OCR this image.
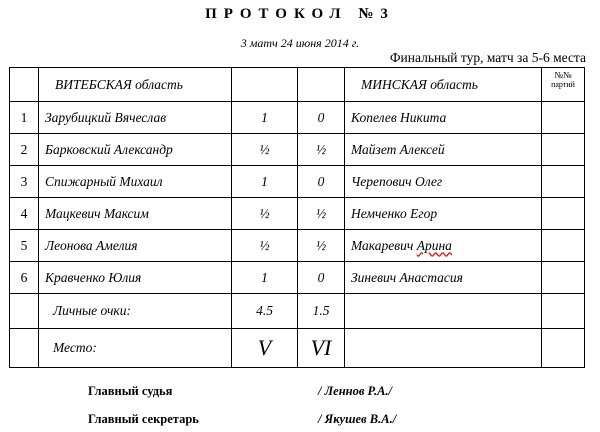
ПРОТОКОЛ №3
3 матч 24 июня 2014 г.
Финальный тур, матч за 5-6 места
	ВИТЕБСКАЯ область			МИНСКАЯ область	№№
партий

1	Зарубицкий Вячеслав	1	0	Копелев Никита	
2	Барковский Александр	½	½	Майзет Алексей	
3	Спижарный Михаил	1	0	Черепович Олег	
4	Мацкевич Максим	½	½	Немченко Егор	
5	Леонова Амелия	½	½	Макаревич Арина	
6	Кравченко Юлия	1	0	Зиневич Анастасия	
	Личные очки:	4.5	1.5		
	Место:	V	VI		
Главный судья	/ Леннов Р.А./
Главный секретарь	/ Якушев В.А./
